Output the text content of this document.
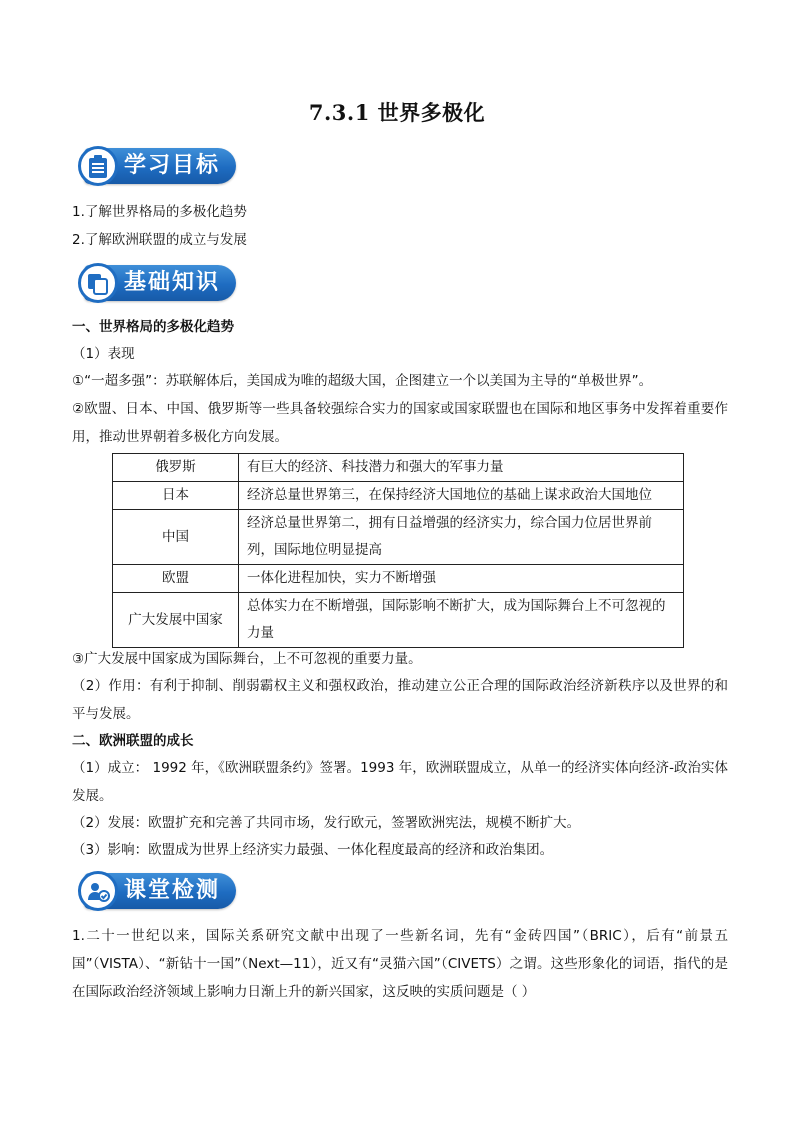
7.3.1 世界多极化
学习目标
1.了解世界格局的多极化趋势
2.了解欧洲联盟的成立与发展
基础知识
一、世界格局的多极化趋势
（1）表现
①“一超多强”：苏联解体后，美国成为唯的超级大国，企图建立一个以美国为主导的“单极世界”。
②欧盟、日本、中国、俄罗斯等一些具备较强综合实力的国家或国家联盟也在国际和地区事务中发挥着重要作用，推动世界朝着多极化方向发展。
俄罗斯	有巨大的经济、科技潜力和强大的军事力量
日本	经济总量世界第三，在保持经济大国地位的基础上谋求政治大国地位
中国	经济总量世界第二，拥有日益增强的经济实力，综合国力位居世界前列，国际地位明显提高
欧盟	一体化进程加快，实力不断增强
广大发展中国家	总体实力在不断增强，国际影响不断扩大，成为国际舞台上不可忽视的力量
③广大发展中国家成为国际舞台，上不可忽视的重要力量。
（2）作用：有利于抑制、削弱霸权主义和强权政治，推动建立公正合理的国际政治经济新秩序以及世界的和平与发展。
二、欧洲联盟的成长
（1）成立： 1992 年，《欧洲联盟条约》签署。1993 年，欧洲联盟成立，从单一的经济实体向经济-政治实体发展。
（2）发展：欧盟扩充和完善了共同市场，发行欧元，签署欧洲宪法，规模不断扩大。
（3）影响：欧盟成为世界上经济实力最强、一体化程度最高的经济和政治集团。
课堂检测
1.二十一世纪以来，国际关系研究文献中出现了一些新名词，先有“金砖四国”（BRIC），后有“前景五国”（VISTA）、“新钻十一国”（Next—11），近又有“灵猫六国”（CIVETS）之谓。这些形象化的词语，指代的是在国际政治经济领域上影响力日渐上升的新兴国家，这反映的实质问题是（ ）
